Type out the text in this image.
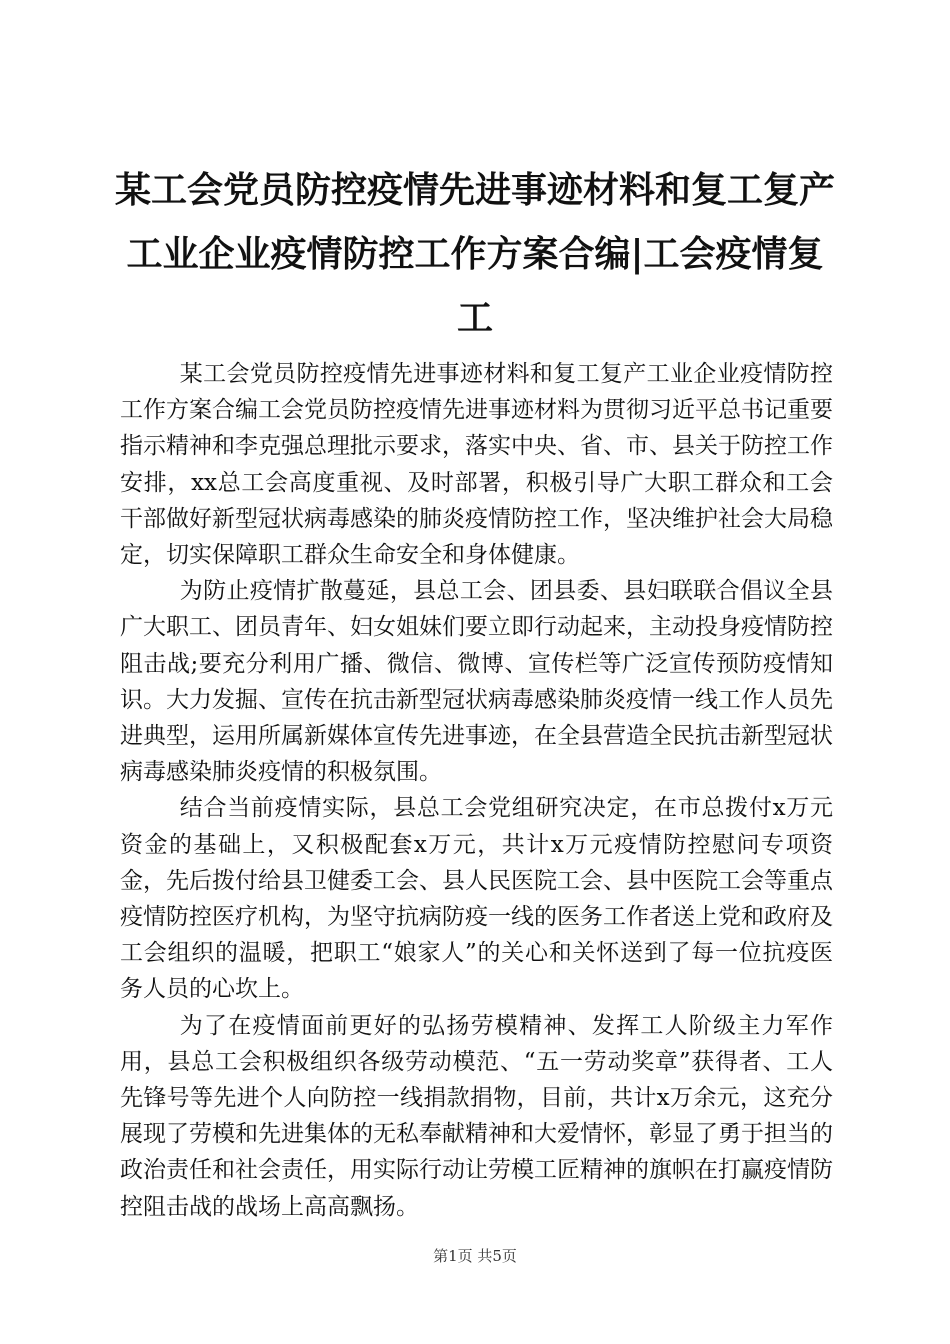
某工会党员防控疫情先进事迹材料和复工复产工业企业疫情防控工作方案合编|工会疫情复工

某工会党员防控疫情先进事迹材料和复工复产工业企业疫情防控工作方案合编工会党员防控疫情先进事迹材料为贯彻习近平总书记重要指示精神和李克强总理批示要求，落实中央、省、市、县关于防控工作安排，xx总工会高度重视、及时部署，积极引导广大职工群众和工会干部做好新型冠状病毒感染的肺炎疫情防控工作，坚决维护社会大局稳定，切实保障职工群众生命安全和身体健康。

为防止疫情扩散蔓延，县总工会、团县委、县妇联联合倡议全县广大职工、团员青年、妇女姐妹们要立即行动起来，主动投身疫情防控阻击战;要充分利用广播、微信、微博、宣传栏等广泛宣传预防疫情知识。大力发掘、宣传在抗击新型冠状病毒感染肺炎疫情一线工作人员先进典型，运用所属新媒体宣传先进事迹，在全县营造全民抗击新型冠状病毒感染肺炎疫情的积极氛围。

结合当前疫情实际，县总工会党组研究决定，在市总拨付x万元资金的基础上，又积极配套x万元，共计x万元疫情防控慰问专项资金，先后拨付给县卫健委工会、县人民医院工会、县中医院工会等重点疫情防控医疗机构，为坚守抗病防疫一线的医务工作者送上党和政府及工会组织的温暖，把职工“娘家人”的关心和关怀送到了每一位抗疫医务人员的心坎上。

为了在疫情面前更好的弘扬劳模精神、发挥工人阶级主力军作用，县总工会积极组织各级劳动模范、“五一劳动奖章”获得者、工人先锋号等先进个人向防控一线捐款捐物，目前，共计x万余元，这充分展现了劳模和先进集体的无私奉献精神和大爱情怀，彰显了勇于担当的政治责任和社会责任，用实际行动让劳模工匠精神的旗帜在打赢疫情防控阻击战的战场上高高飘扬。

第1页 共5页
